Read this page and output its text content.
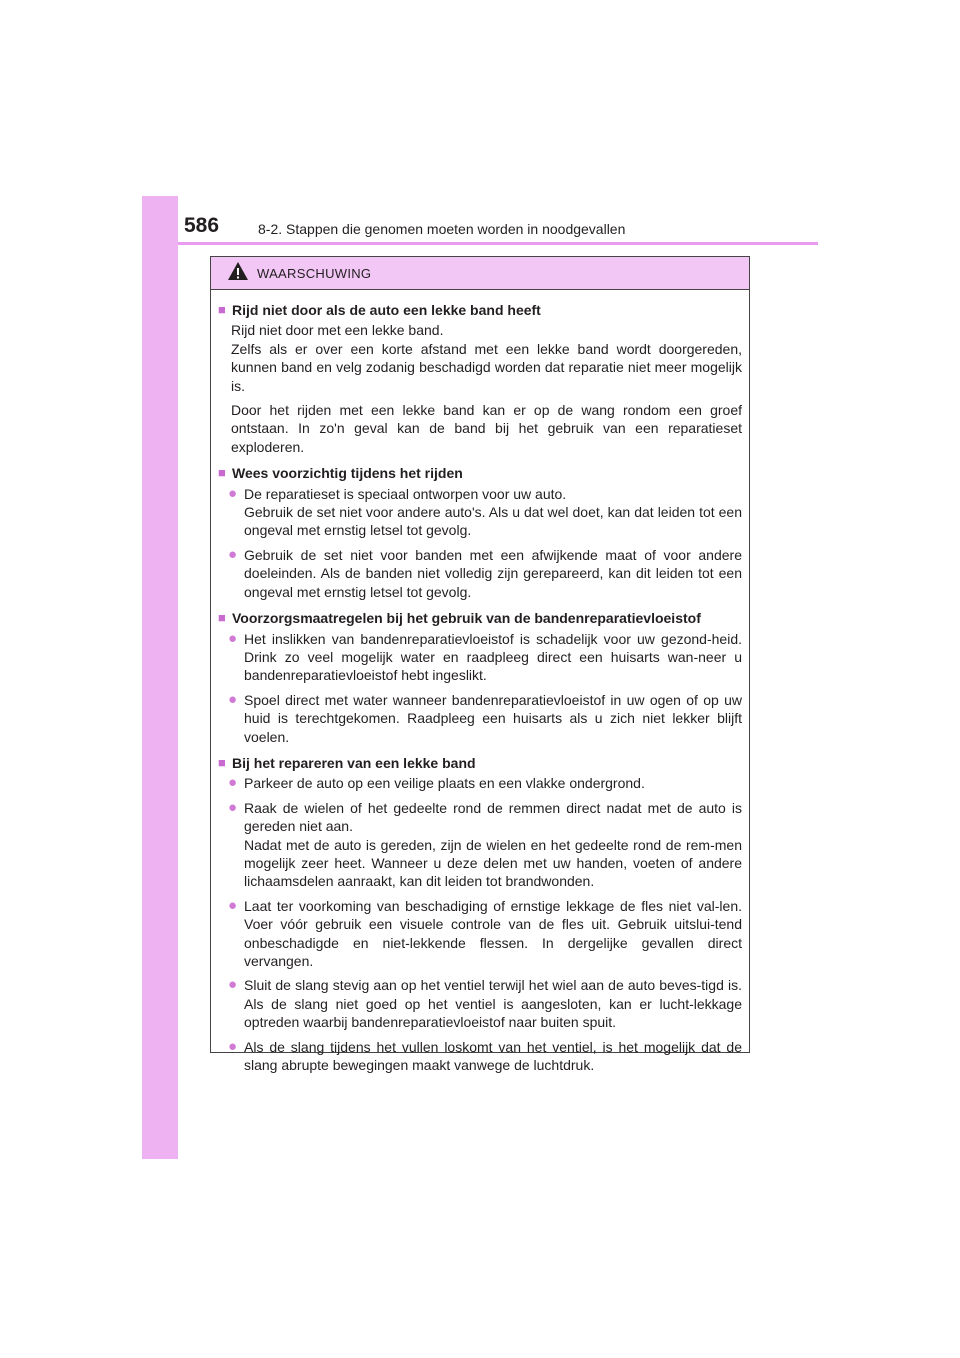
586	8-2. Stappen die genomen moeten worden in noodgevallen
WAARSCHUWING
■ Rijd niet door als de auto een lekke band heeft
Rijd niet door met een lekke band.
Zelfs als er over een korte afstand met een lekke band wordt doorgereden, kunnen band en velg zodanig beschadigd worden dat reparatie niet meer mogelijk is.
Door het rijden met een lekke band kan er op de wang rondom een groef ontstaan. In zo'n geval kan de band bij het gebruik van een reparatieset exploderen.
■ Wees voorzichtig tijdens het rijden
● De reparatieset is speciaal ontworpen voor uw auto.
Gebruik de set niet voor andere auto's. Als u dat wel doet, kan dat leiden tot een ongeval met ernstig letsel tot gevolg.
● Gebruik de set niet voor banden met een afwijkende maat of voor andere doeleinden. Als de banden niet volledig zijn gerepareerd, kan dit leiden tot een ongeval met ernstig letsel tot gevolg.
■ Voorzorgsmaatregelen bij het gebruik van de bandenreparatievloeistof
● Het inslikken van bandenreparatievloeistof is schadelijk voor uw gezond-heid. Drink zo veel mogelijk water en raadpleeg direct een huisarts wan-neer u bandenreparatievloeistof hebt ingeslikt.
● Spoel direct met water wanneer bandenreparatievloeistof in uw ogen of op uw huid is terechtgekomen. Raadpleeg een huisarts als u zich niet lekker blijft voelen.
■ Bij het repareren van een lekke band
● Parkeer de auto op een veilige plaats en een vlakke ondergrond.
● Raak de wielen of het gedeelte rond de remmen direct nadat met de auto is gereden niet aan.
Nadat met de auto is gereden, zijn de wielen en het gedeelte rond de rem-men mogelijk zeer heet. Wanneer u deze delen met uw handen, voeten of andere lichaamsdelen aanraakt, kan dit leiden tot brandwonden.
● Laat ter voorkoming van beschadiging of ernstige lekkage de fles niet val-len. Voer vóór gebruik een visuele controle van de fles uit. Gebruik uitslui-tend onbeschadigde en niet-lekkende flessen. In dergelijke gevallen direct vervangen.
● Sluit de slang stevig aan op het ventiel terwijl het wiel aan de auto beves-tigd is. Als de slang niet goed op het ventiel is aangesloten, kan er lucht-lekkage optreden waarbij bandenreparatievloeistof naar buiten spuit.
● Als de slang tijdens het vullen loskomt van het ventiel, is het mogelijk dat de slang abrupte bewegingen maakt vanwege de luchtdruk.
